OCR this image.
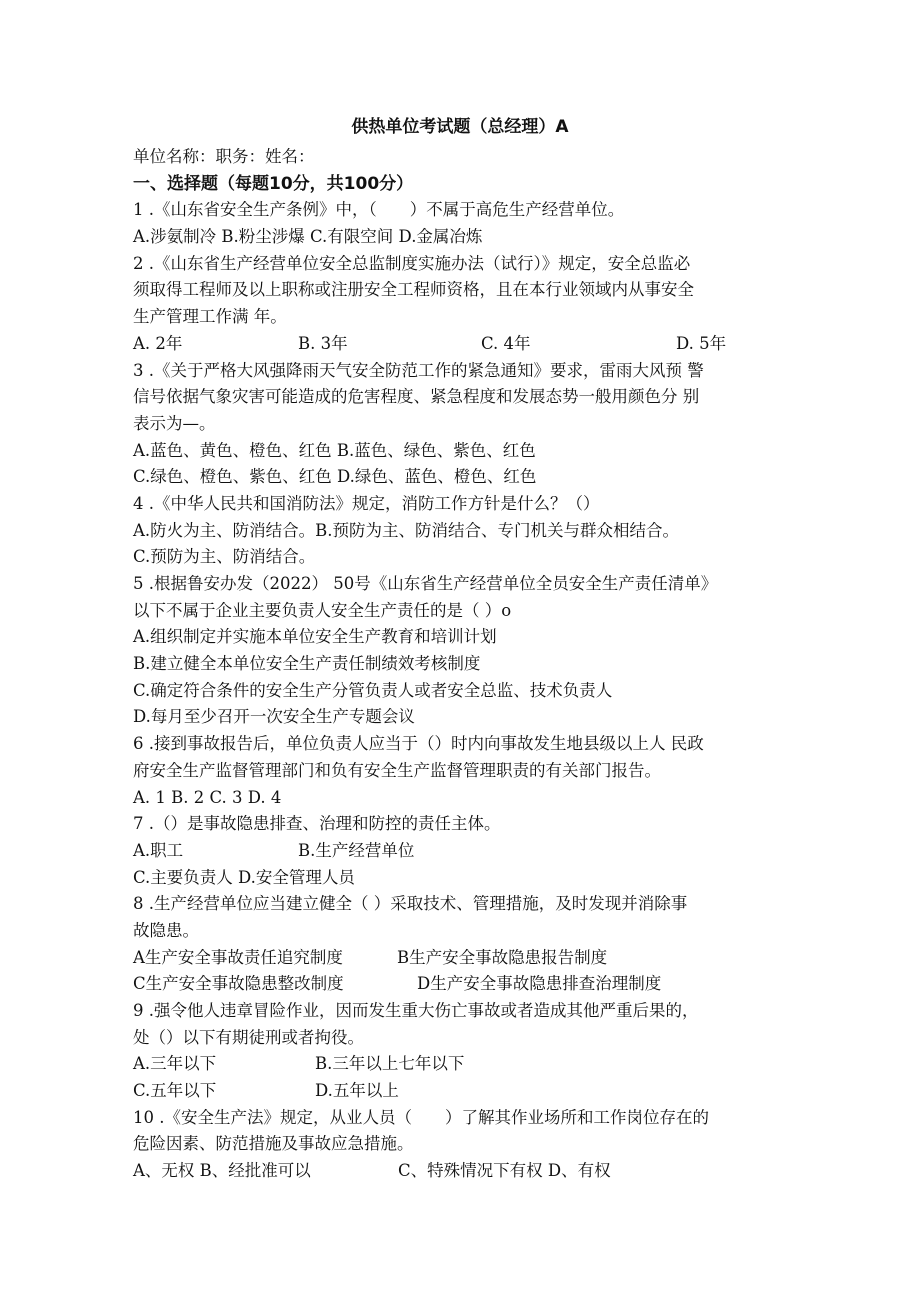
供热单位考试题（总经理）A
单位名称：职务：姓名：
一、选择题（每题10分，共100分）
1 .《山东省安全生产条例》中，（　　）不属于高危生产经营单位。
A.涉氨制冷 B.粉尘涉爆 C.有限空间 D.金属冶炼
2 .《山东省生产经营单位安全总监制度实施办法（试行）》规定，安全总监必
须取得工程师及以上职称或注册安全工程师资格，且在本行业领域内从事安全
生产管理工作满 年。
A. 2年	B. 3年	C. 4年	D. 5年
3 .《关于严格大风强降雨天气安全防范工作的紧急通知》要求，雷雨大风预 警
信号依据气象灾害可能造成的危害程度、紧急程度和发展态势一般用颜色分 别
表示为—。
A.蓝色、黄色、橙色、红色 B.蓝色、绿色、紫色、红色
C.绿色、橙色、紫色、红色 D.绿色、蓝色、橙色、红色
4 .《中华人民共和国消防法》规定，消防工作方针是什么？（）
A.防火为主、防消结合。B.预防为主、防消结合、专门机关与群众相结合。
C.预防为主、防消结合。
5 .根据鲁安办发（2022） 50号《山东省生产经营单位全员安全生产责任清单》
以下不属于企业主要负责人安全生产责任的是（ ）o
A.组织制定并实施本单位安全生产教育和培训计划
B.建立健全本单位安全生产责任制绩效考核制度
C.确定符合条件的安全生产分管负责人或者安全总监、技术负责人
D.每月至少召开一次安全生产专题会议
6 .接到事故报告后，单位负责人应当于（）时内向事故发生地县级以上人 民政
府安全生产监督管理部门和负有安全生产监督管理职责的有关部门报告。
A. 1 B. 2 C. 3 D. 4
7 .（）是事故隐患排查、治理和防控的责任主体。
A.职工	B.生产经营单位
C.主要负责人 D.安全管理人员
8 .生产经营单位应当建立健全（ ）采取技术、管理措施，及时发现并消除事
故隐患。
A生产安全事故责任追究制度	B生产安全事故隐患报告制度
C生产安全事故隐患整改制度	D生产安全事故隐患排查治理制度
9 .强令他人违章冒险作业，因而发生重大伤亡事故或者造成其他严重后果的，
处（）以下有期徒刑或者拘役。
A.三年以下	B.三年以上七年以下
C.五年以下	D.五年以上
10 .《安全生产法》规定，从业人员（　　）了解其作业场所和工作岗位存在的
危险因素、防范措施及事故应急措施。
A、无权 B、经批准可以	C、特殊情况下有权 D、有权
